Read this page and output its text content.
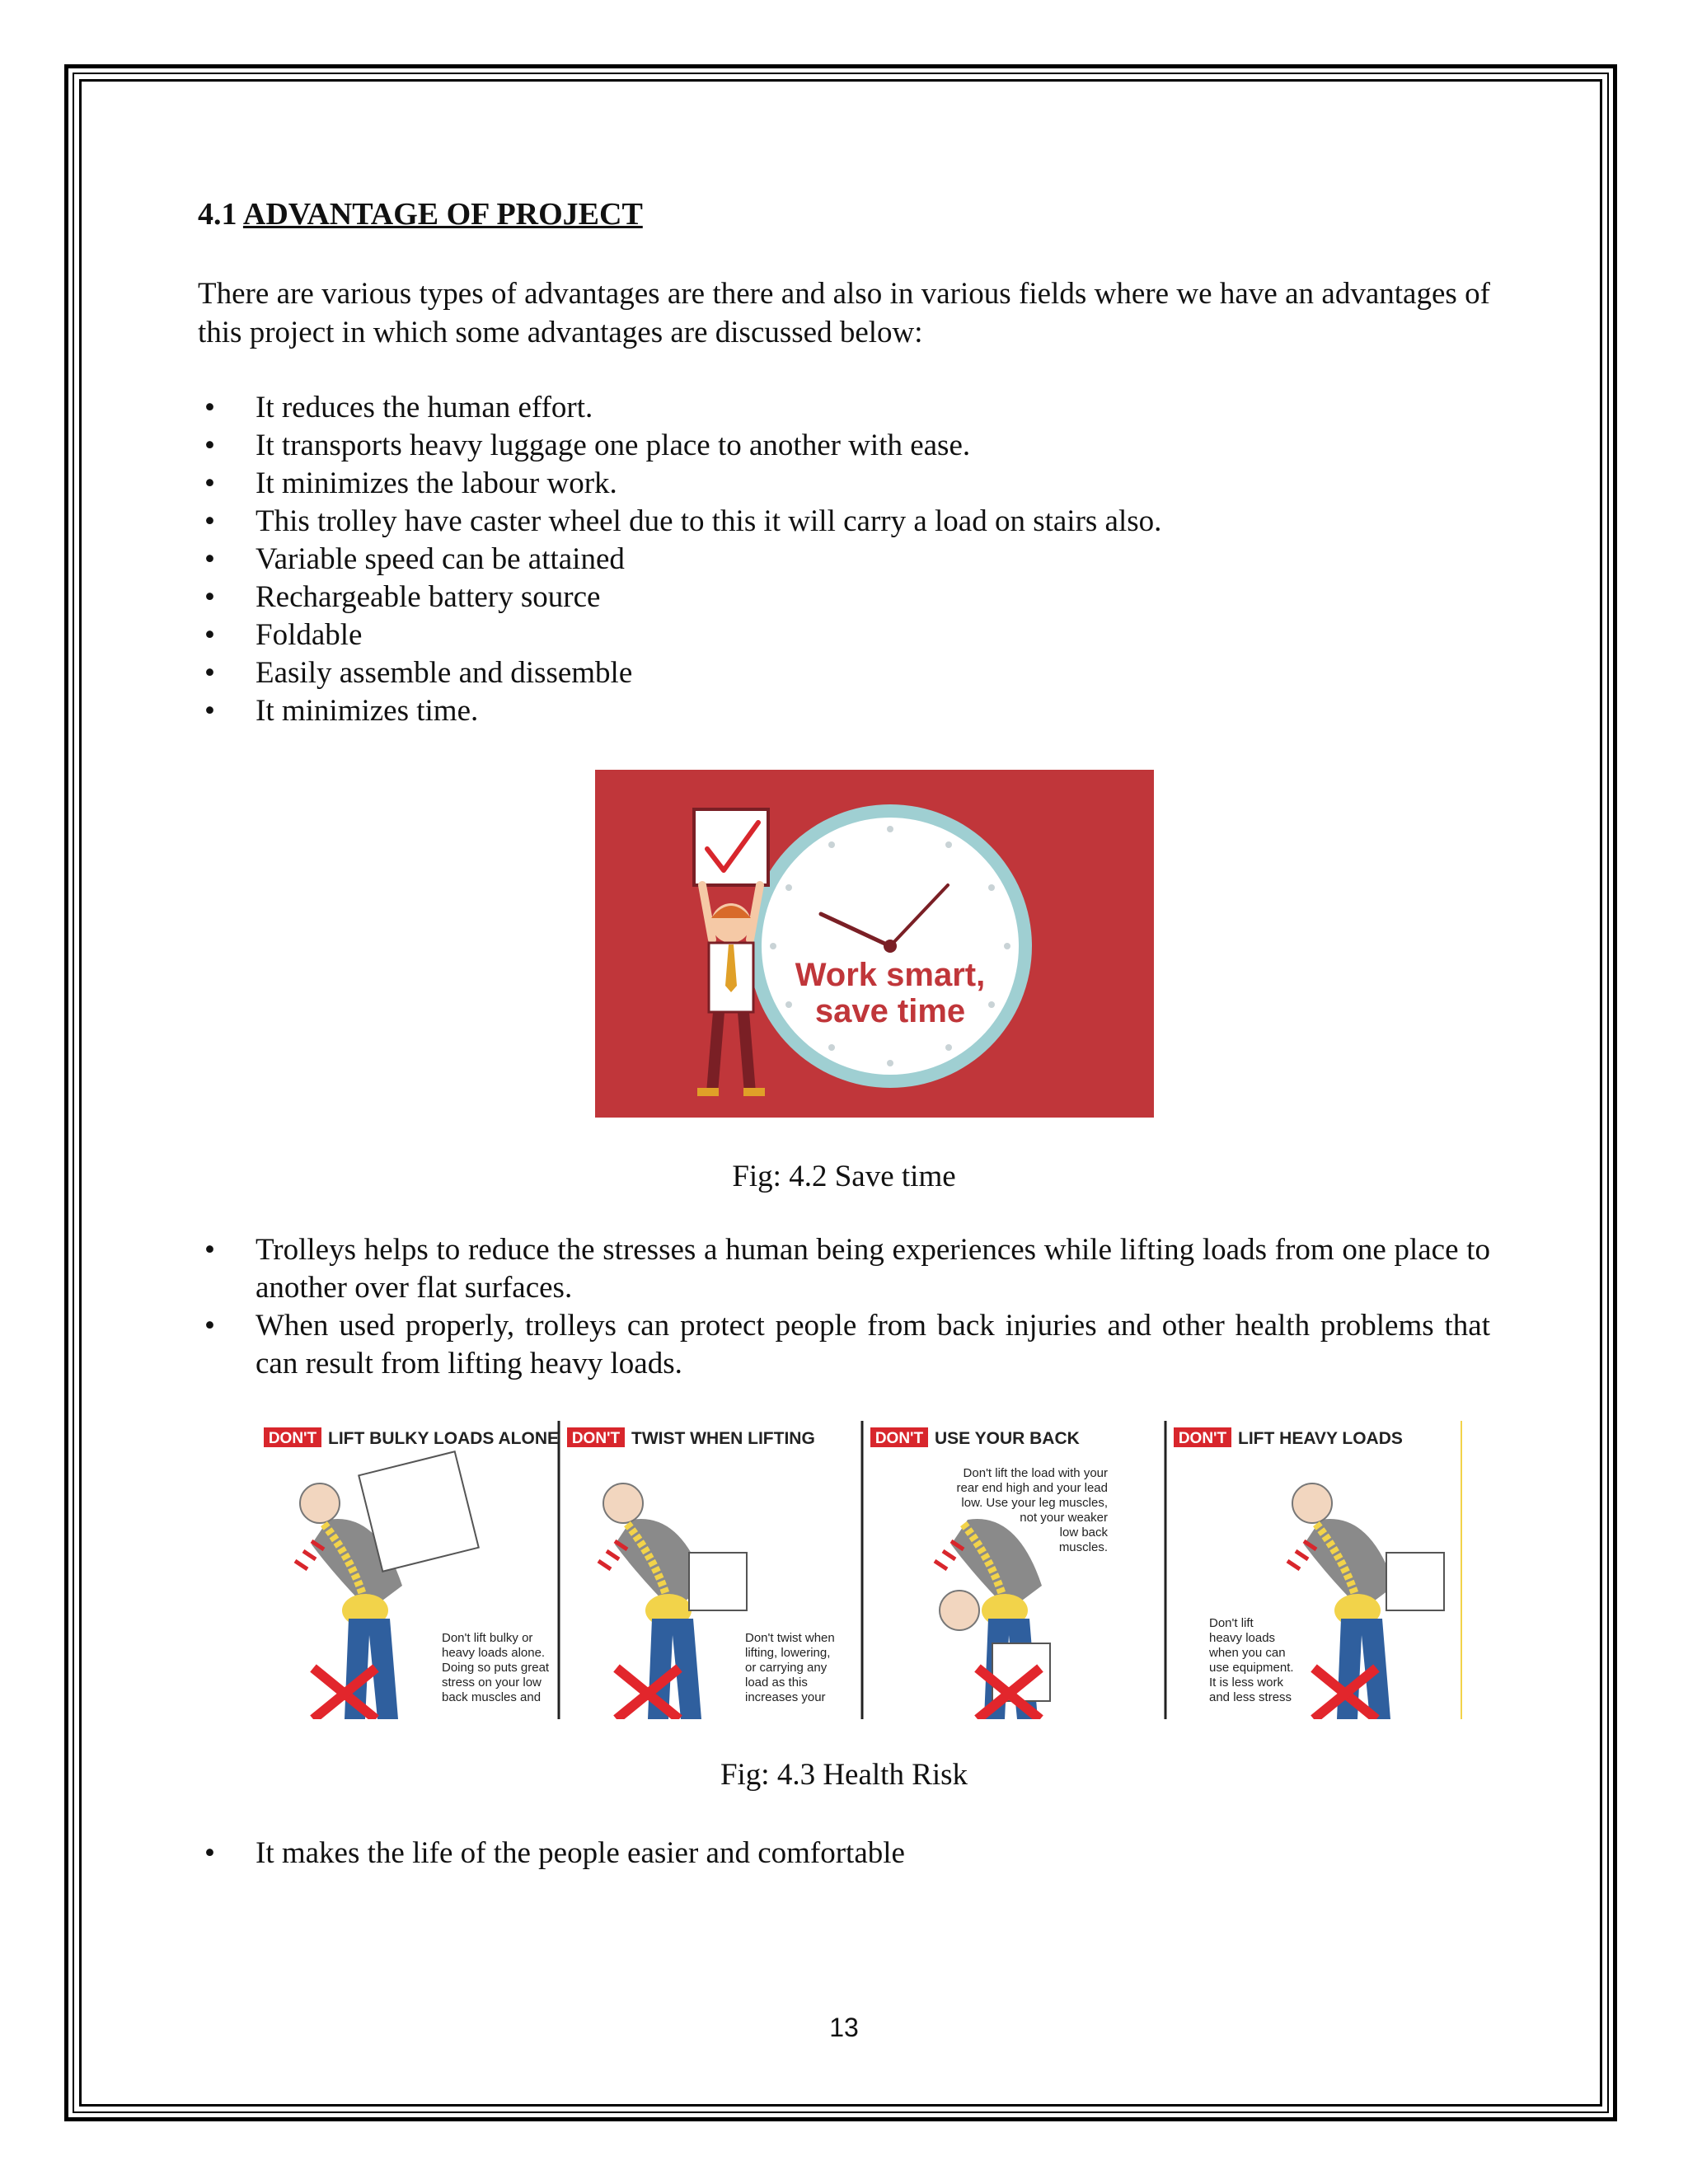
4.1 ADVANTAGE OF PROJECT

There are various types of advantages are there and also in various fields where we have an advantages of this project in which some advantages are discussed below:

• It reduces the human effort.
• It transports heavy luggage one place to another with ease.
• It minimizes the labour work.
• This trolley have caster wheel due to this it will carry a load on stairs also.
• Variable speed can be attained
• Rechargeable battery source
• Foldable
• Easily assemble and dissemble
• It minimizes time.
Work smart,
save time

Fig: 4.2 Save time

• Trolleys helps to reduce the stresses a human being experiences while lifting loads from one place to another over flat surfaces.
• When used properly, trolleys can protect people from back injuries and other health problems that can result from lifting heavy loads.
DON'T LIFT BULKY LOADS ALONE
Don't lift bulky or
heavy loads alone.
Doing so puts great
stress on your low
back muscles and
DON'T TWIST WHEN LIFTING
Don't twist when
lifting, lowering,
or carrying any
load as this
increases your
DON'T USE YOUR BACK
Don't lift the load with your
rear end high and your lead
low. Use your leg muscles,
not your weaker
low back
muscles.
DON'T LIFT HEAVY LOADS
Don't lift
heavy loads
when you can
use equipment.
It is less work
and less stress

Fig: 4.3 Health Risk

• It makes the life of the people easier and comfortable
13
